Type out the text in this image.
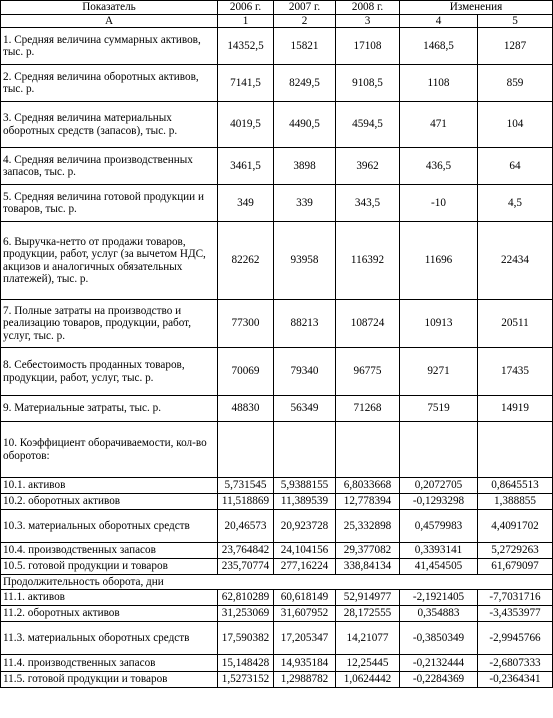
Показатель	2006 г.	2007 г.	2008 г.	Изменения	
А	1	2	3	4	5
1. Средняя величина суммарных активов, тыс. р.	14352,5	15821	17108	1468,5	1287
2. Средняя величина оборотных активов, тыс. р.	7141,5	8249,5	9108,5	1108	859
3. Средняя величина материальных оборотных средств (запасов), тыс. р.	4019,5	4490,5	4594,5	471	104
4. Средняя величина производственных запасов, тыс. р.	3461,5	3898	3962	436,5	64
5. Средняя величина готовой продукции и товаров, тыс. р.	349	339	343,5	-10	4,5
6. Выручка-нетто от продажи товаров, продукции, работ, услуг (за вычетом НДС, акцизов и аналогичных обязательных платежей), тыс. р.	82262	93958	116392	11696	22434
7. Полные затраты на производство и реализацию товаров, продукции, работ, услуг, тыс. р.	77300	88213	108724	10913	20511
8. Себестоимость проданных товаров, продукции, работ, услуг, тыс. р.	70069	79340	96775	9271	17435
9. Материальные затраты, тыс. р.	48830	56349	71268	7519	14919
10. Коэффициент оборачиваемости, кол-во оборотов:					
10.1. активов	5,731545	5,9388155	6,8033668	0,2072705	0,8645513
10.2. оборотных активов	11,518869	11,389539	12,778394	-0,1293298	1,388855
10.3. материальных оборотных средств	20,46573	20,923728	25,332898	0,4579983	4,4091702
10.4. производственных запасов	23,764842	24,104156	29,377082	0,3393141	5,2729263
10.5. готовой продукции и товаров	235,70774	277,16224	338,84134	41,454505	61,679097
Продолжительность оборота, дни					
11.1. активов	62,810289	60,618149	52,914977	-2,1921405	-7,7031716
11.2. оборотных активов	31,253069	31,607952	28,172555	0,354883	-3,4353977
11.3. материальных оборотных средств	17,590382	17,205347	14,21077	-0,3850349	-2,9945766
11.4. производственных запасов	15,148428	14,935184	12,25445	-0,2132444	-2,6807333
11.5. готовой продукции и товаров	1,5273152	1,2988782	1,0624442	-0,2284369	-0,2364341
